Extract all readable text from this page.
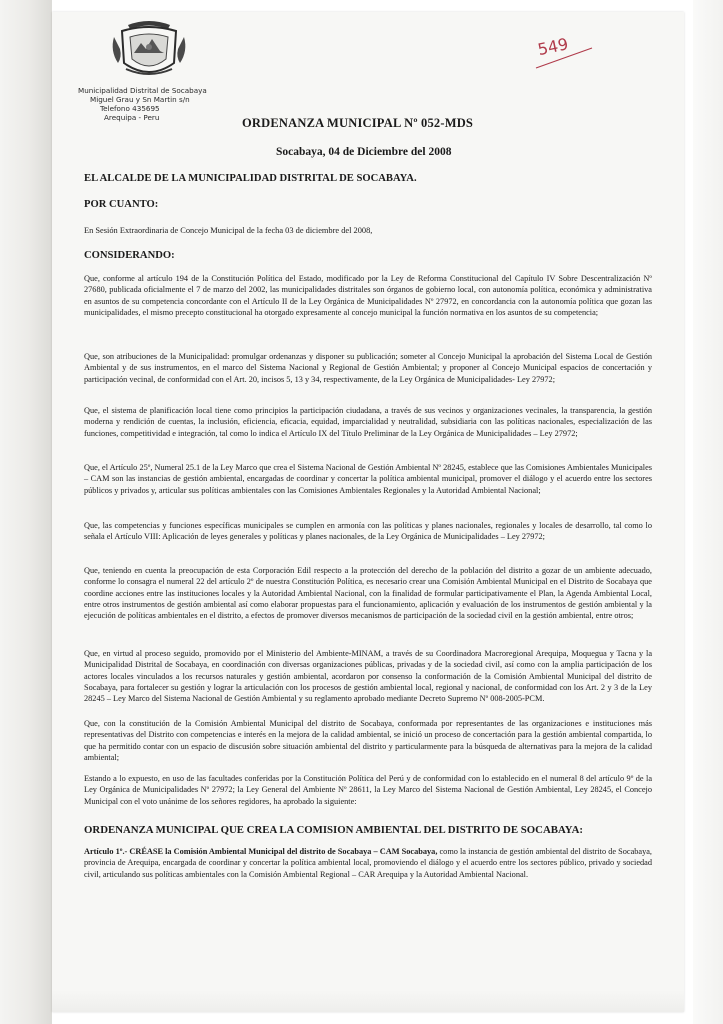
549
Municipalidad Distrital de Socabaya
Miguel Grau y Sn Martin s/n
Telefono 435695
Arequipa - Peru	ORDENANZA MUNICIPAL Nº 052-MDS
Socabaya, 04 de Diciembre del 2008
EL ALCALDE DE LA MUNICIPALIDAD DISTRITAL DE SOCABAYA.
POR CUANTO:
En Sesión Extraordinaria de Concejo Municipal de la fecha 03 de diciembre del 2008,
CONSIDERANDO:
Que, conforme al artículo 194 de la Constitución Política del Estado, modificado por la Ley de Reforma Constitucional del Capítulo IV Sobre Descentralización Nº 27680, publicada oficialmente el 7 de marzo del 2002, las municipalidades distritales son órganos de gobierno local, con autonomía política, económica y administrativa en asuntos de su competencia concordante con el Artículo II de la Ley Orgánica de Municipalidades Nº 27972, en concordancia con la autonomía política que gozan las municipalidades, el mismo precepto constitucional ha otorgado expresamente al concejo municipal la función normativa en los asuntos de su competencia;
Que, son atribuciones de la Municipalidad: promulgar ordenanzas y disponer su publicación; someter al Concejo Municipal la aprobación del Sistema Local de Gestión Ambiental y de sus instrumentos, en el marco del Sistema Nacional y Regional de Gestión Ambiental; y proponer al Concejo Municipal espacios de concertación y participación vecinal, de conformidad con el Art. 20, incisos 5, 13 y 34, respectivamente, de la Ley Orgánica de Municipalidades- Ley 27972;
Que, el sistema de planificación local tiene como principios la participación ciudadana, a través de sus vecinos y organizaciones vecinales, la transparencia, la gestión moderna y rendición de cuentas, la inclusión, eficiencia, eficacia, equidad, imparcialidad y neutralidad, subsidiaria con las políticas nacionales, especialización de las funciones, competitividad e integración, tal como lo indica el Artículo IX del Título Preliminar de la Ley Orgánica de Municipalidades – Ley 27972;
Que, el Artículo 25º, Numeral 25.1 de la Ley Marco que crea el Sistema Nacional de Gestión Ambiental Nº 28245, establece que las Comisiones Ambientales Municipales – CAM son las instancias de gestión ambiental, encargadas de coordinar y concertar la política ambiental municipal, promover el diálogo y el acuerdo entre los sectores públicos y privados y, articular sus políticas ambientales con las Comisiones Ambientales Regionales y la Autoridad Ambiental Nacional;
Que, las competencias y funciones específicas municipales se cumplen en armonía con las políticas y planes nacionales, regionales y locales de desarrollo, tal como lo señala el Artículo VIII: Aplicación de leyes generales y políticas y planes nacionales, de la Ley Orgánica de Municipalidades – Ley 27972;
Que, teniendo en cuenta la preocupación de esta Corporación Edil respecto a la protección del derecho de la población del distrito a gozar de un ambiente adecuado, conforme lo consagra el numeral 22 del artículo 2º de nuestra Constitución Política, es necesario crear una Comisión Ambiental Municipal en el Distrito de Socabaya que coordine acciones entre las instituciones locales y la Autoridad Ambiental Nacional, con la finalidad de formular participativamente el Plan, la Agenda Ambiental Local, entre otros instrumentos de gestión ambiental así como elaborar propuestas para el funcionamiento, aplicación y evaluación de los instrumentos de gestión ambiental y la ejecución de políticas ambientales en el distrito, a efectos de promover diversos mecanismos de participación de la sociedad civil en la gestión ambiental, entre otros;
Que, en virtud al proceso seguido, promovido por el Ministerio del Ambiente-MINAM, a través de su Coordinadora Macroregional Arequipa, Moquegua y Tacna y la Municipalidad Distrital de Socabaya, en coordinación con diversas organizaciones públicas, privadas y de la sociedad civil, así como con la amplia participación de los actores locales vinculados a los recursos naturales y gestión ambiental, acordaron por consenso la conformación de la Comisión Ambiental Municipal del distrito de Socabaya, para fortalecer su gestión y lograr la articulación con los procesos de gestión ambiental local, regional y nacional, de conformidad con los Art. 2 y 3 de la Ley 28245 – Ley Marco del Sistema Nacional de Gestión Ambiental y su reglamento aprobado mediante Decreto Supremo Nº 008-2005-PCM.
Que, con la constitución de la Comisión Ambiental Municipal del distrito de Socabaya, conformada por representantes de las organizaciones e instituciones más representativas del Distrito con competencias e interés en la mejora de la calidad ambiental, se inició un proceso de concertación para la gestión ambiental compartida, lo que ha permitido contar con un espacio de discusión sobre situación ambiental del distrito y particularmente para la búsqueda de alternativas para la mejora de la calidad ambiental;
Estando a lo expuesto, en uso de las facultades conferidas por la Constitución Política del Perú y de conformidad con lo establecido en el numeral 8 del artículo 9º de la Ley Orgánica de Municipalidades Nº 27972; la Ley General del Ambiente Nº 28611, la Ley Marco del Sistema Nacional de Gestión Ambiental, Ley 28245, el Concejo Municipal con el voto unánime de los señores regidores, ha aprobado la siguiente:
ORDENANZA MUNICIPAL QUE CREA LA COMISION AMBIENTAL DEL DISTRITO DE SOCABAYA:
Artículo 1º.- CRÉASE la Comisión Ambiental Municipal del distrito de Socabaya – CAM Socabaya, como la instancia de gestión ambiental del distrito de Socabaya, provincia de Arequipa, encargada de coordinar y concertar la política ambiental local, promoviendo el diálogo y el acuerdo entre los sectores público, privado y sociedad civil, articulando sus políticas ambientales con la Comisión Ambiental Regional – CAR Arequipa y la Autoridad Ambiental Nacional.
